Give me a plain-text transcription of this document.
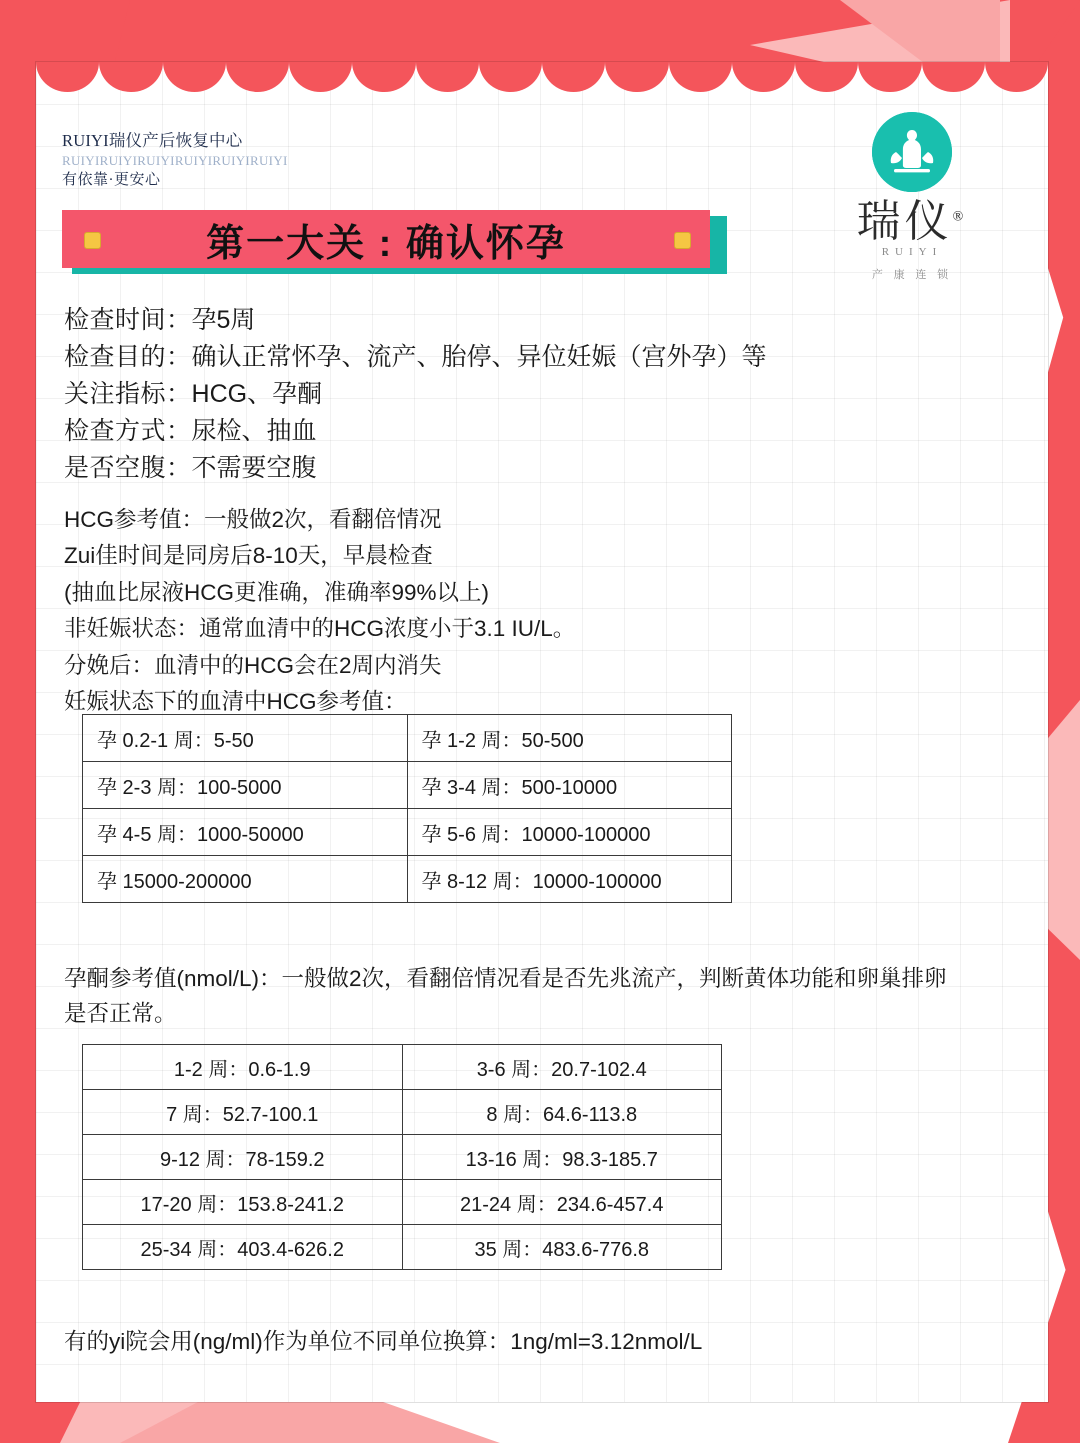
RUIYI瑞仪产后恢复中心
RUIYIRUIYIRUIYIRUIYIRUIYIRUIYI
有依靠·更安心
瑞仪®
RUIYI
产 康 连 锁
第一大关 : 确认怀孕
检查时间：孕5周
检查目的：确认正常怀孕、流产、胎停、异位妊娠（宫外孕）等
关注指标：HCG、孕酮
检查方式：尿检、抽血
是否空腹：不需要空腹
HCG参考值：一般做2次，看翻倍情况
Zui佳时间是同房后8-10天，早晨检查
(抽血比尿液HCG更准确，准确率99%以上)
非妊娠状态：通常血清中的HCG浓度小于3.1 IU/L。
分娩后：血清中的HCG会在2周内消失
妊娠状态下的血清中HCG参考值：
孕 0.2-1 周：5-50	孕 1-2 周：50-500
孕 2-3 周：100-5000	孕 3-4 周：500-10000
孕 4-5 周：1000-50000	孕 5-6 周：10000-100000
孕 15000-200000	孕 8-12 周：10000-100000
孕酮参考值(nmol/L)：一般做2次，看翻倍情况看是否先兆流产，判断黄体功能和卵巢排卵是否正常。
1-2 周：0.6-1.9	3-6 周：20.7-102.4
7 周：52.7-100.1	8 周：64.6-113.8
9-12 周：78-159.2	13-16 周：98.3-185.7
17-20 周：153.8-241.2	21-24 周：234.6-457.4
25-34 周：403.4-626.2	35 周：483.6-776.8
有的yi院会用(ng/ml)作为单位不同单位换算：1ng/ml=3.12nmol/L
